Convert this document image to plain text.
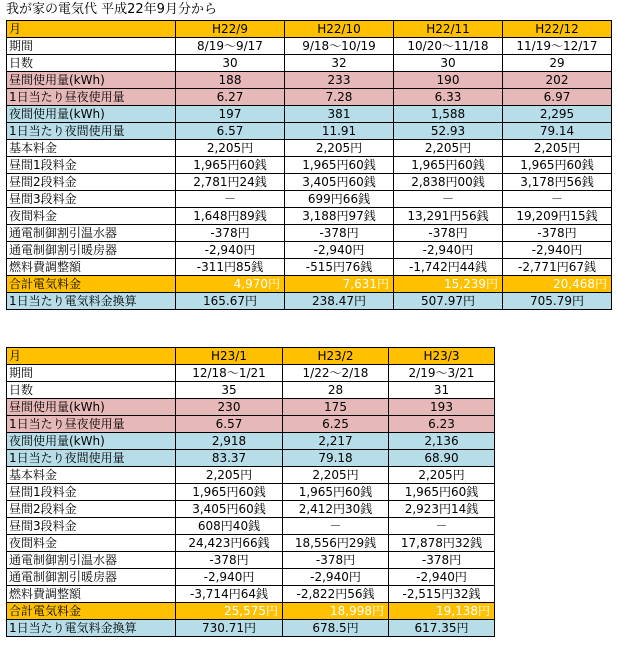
我が家の電気代 平成22年9月分から
月	H22/9	H22/10	H22/11	H22/12
期間	8/19～9/17	9/18～10/19	10/20～11/18	11/19～12/17
日数	30	32	30	29
昼間使用量(kWh)	188	233	190	202
1日当たり昼夜使用量	6.27	7.28	6.33	6.97
夜間使用量(kWh)	197	381	1,588	2,295
1日当たり夜間使用量	6.57	11.91	52.93	79.14
基本料金	2,205円	2,205円	2,205円	2,205円
昼間1段料金	1,965円60銭	1,965円60銭	1,965円60銭	1,965円60銭
昼間2段料金	2,781円24銭	3,405円60銭	2,838円00銭	3,178円56銭
昼間3段料金	－	699円66銭	－	－
夜間料金	1,648円89銭	3,188円97銭	13,291円56銭	19,209円15銭
通電制御割引温水器	-378円	-378円	-378円	-378円
通電制御割引暖房器	-2,940円	-2,940円	-2,940円	-2,940円
燃料費調整額	-311円85銭	-515円76銭	-1,742円44銭	-2,771円67銭
合計電気料金	4,970円	7,631円	15,239円	20,468円
1日当たり電気料金換算	165.67円	238.47円	507.97円	705.79円
月	H23/1	H23/2	H23/3
期間	12/18～1/21	1/22～2/18	2/19～3/21
日数	35	28	31
昼間使用量(kWh)	230	175	193
1日当たり昼夜使用量	6.57	6.25	6.23
夜間使用量(kWh)	2,918	2,217	2,136
1日当たり夜間使用量	83.37	79.18	68.90
基本料金	2,205円	2,205円	2,205円
昼間1段料金	1,965円60銭	1,965円60銭	1,965円60銭
昼間2段料金	3,405円60銭	2,412円30銭	2,923円14銭
昼間3段料金	608円40銭	－	－
夜間料金	24,423円66銭	18,556円29銭	17,878円32銭
通電制御割引温水器	-378円	-378円	-378円
通電制御割引暖房器	-2,940円	-2,940円	-2,940円
燃料費調整額	-3,714円64銭	-2,822円56銭	-2,515円32銭
合計電気料金	25,575円	18,998円	19,138円
1日当たり電気料金換算	730.71円	678.5円	617.35円
